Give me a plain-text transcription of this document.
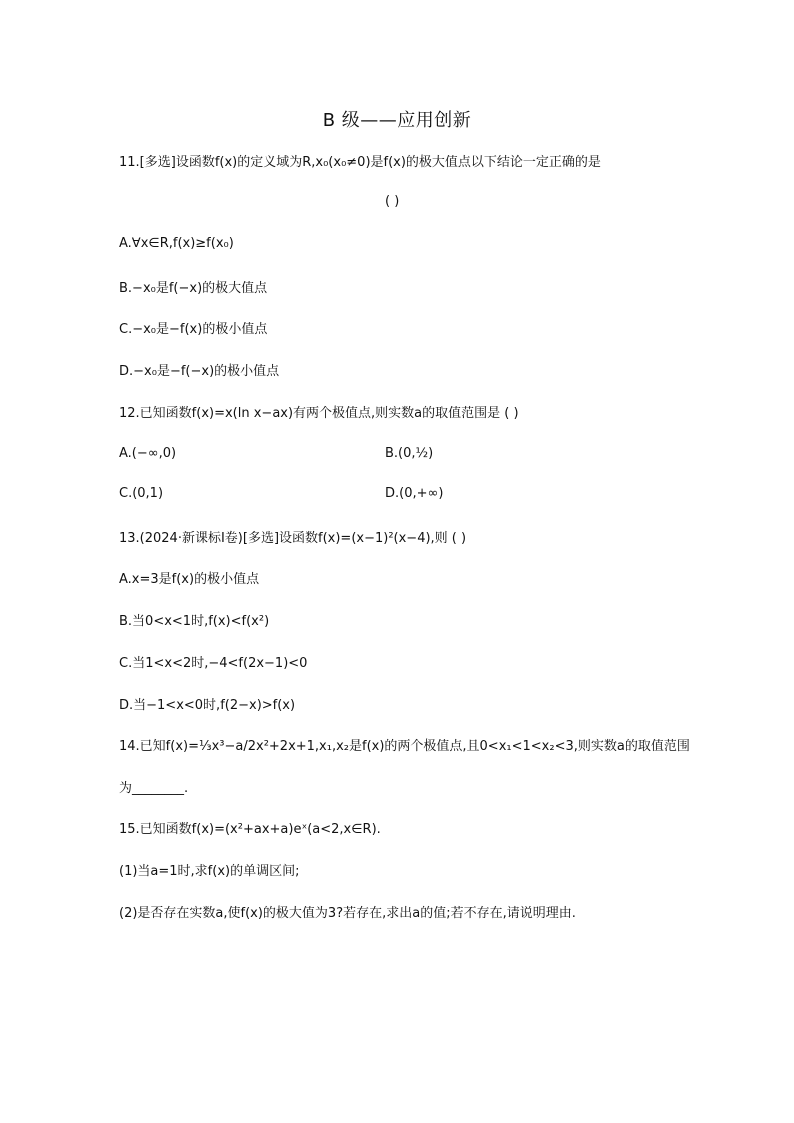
B 级——应用创新
11.[多选]设函数f(x)的定义域为R,x₀(x₀≠0)是f(x)的极大值点以下结论一定正确的是
( )
A.∀x∈R,f(x)≥f(x₀)
B.−x₀是f(−x)的极大值点
C.−x₀是−f(x)的极小值点
D.−x₀是−f(−x)的极小值点
12.已知函数f(x)=x(ln x−ax)有两个极值点,则实数a的取值范围是 ( )
A.(−∞,0)	B.(0,½)
C.(0,1)	D.(0,+∞)
13.(2024·新课标Ⅰ卷)[多选]设函数f(x)=(x−1)²(x−4),则 ( )
A.x=3是f(x)的极小值点
B.当0<x<1时,f(x)<f(x²)
C.当1<x<2时,−4<f(2x−1)<0
D.当−1<x<0时,f(2−x)>f(x)
14.已知f(x)=⅓x³−a/2x²+2x+1,x₁,x₂是f(x)的两个极值点,且0<x₁<1<x₂<3,则实数a的取值范围
为________.
15.已知函数f(x)=(x²+ax+a)eˣ(a<2,x∈R).
(1)当a=1时,求f(x)的单调区间;
(2)是否存在实数a,使f(x)的极大值为3?若存在,求出a的值;若不存在,请说明理由.
